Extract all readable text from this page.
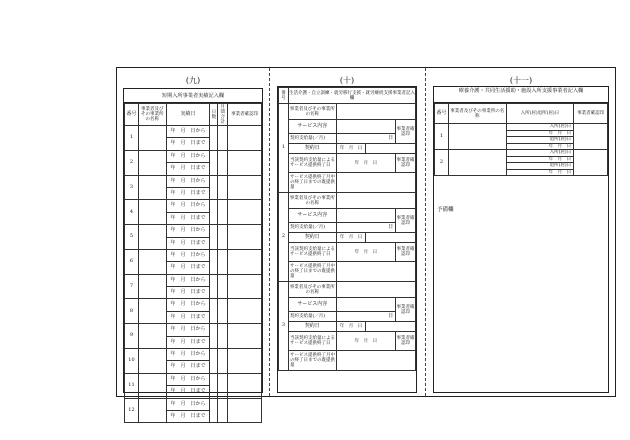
(九)
短期入所事業者実績記入欄
番号	事業者及びその事業所の名称	実績日	日数	月間合計	事業者確認印
1		年　月　日から			
		年　月　日まで			
2		年　月　日から			
		年　月　日まで			
3		年　月　日から			
		年　月　日まで			
4		年　月　日から			
		年　月　日まで			
5		年　月　日から			
		年　月　日まで			
6		年　月　日から			
		年　月　日まで			
7		年　月　日から			
		年　月　日まで			
8		年　月　日から			
		年　月　日まで			
9		年　月　日から			
		年　月　日まで			
10		年　月　日から			
		年　月　日まで			
11		年　月　日から			
		年　月　日まで			
12		年　月　日から			
		年　月　日まで			
(十)
番号	生活介護・自立訓練・就労移行支援・就労継続支援事業者記入欄			
1	事業者及びその事業所の名称			
	サービス内容			事業者確認印
	契約支給量(／月)	日		
	契約日	年　月　日		
	当該契約支給量によるサービス提供終了日	年　月　日		事業者確認印
	サービス提供終了月中の終了日までの既提供量			
2	事業者及びその事業所の名称			
	サービス内容			事業者確認印
	契約支給量(／月)	日		
	契約日	年　月　日		
	当該契約支給量によるサービス提供終了日	年　月　日		事業者確認印
	サービス提供終了月中の終了日までの既提供量			
3	事業者及びその事業所の名称			
	サービス内容			事業者確認印
	契約支給量(／月)	日		
	契約日	年　月　日		
	当該契約支給量によるサービス提供終了日	年　月　日		事業者確認印
	サービス提供終了月中の終了日までの既提供量			
(十一)
療養介護・共同生活援助・施設入所支援事業者記入欄
番号	事業者及びその事業所の名称	入所(居)退所(居)日	事業者確認印
1		入所(居)日	
		年　月　日	
		退所(居)日	
		年　月　日	
2		入所(居)日	
		年　月　日	
		退所(居)日	
		年　月　日	
予備欄
